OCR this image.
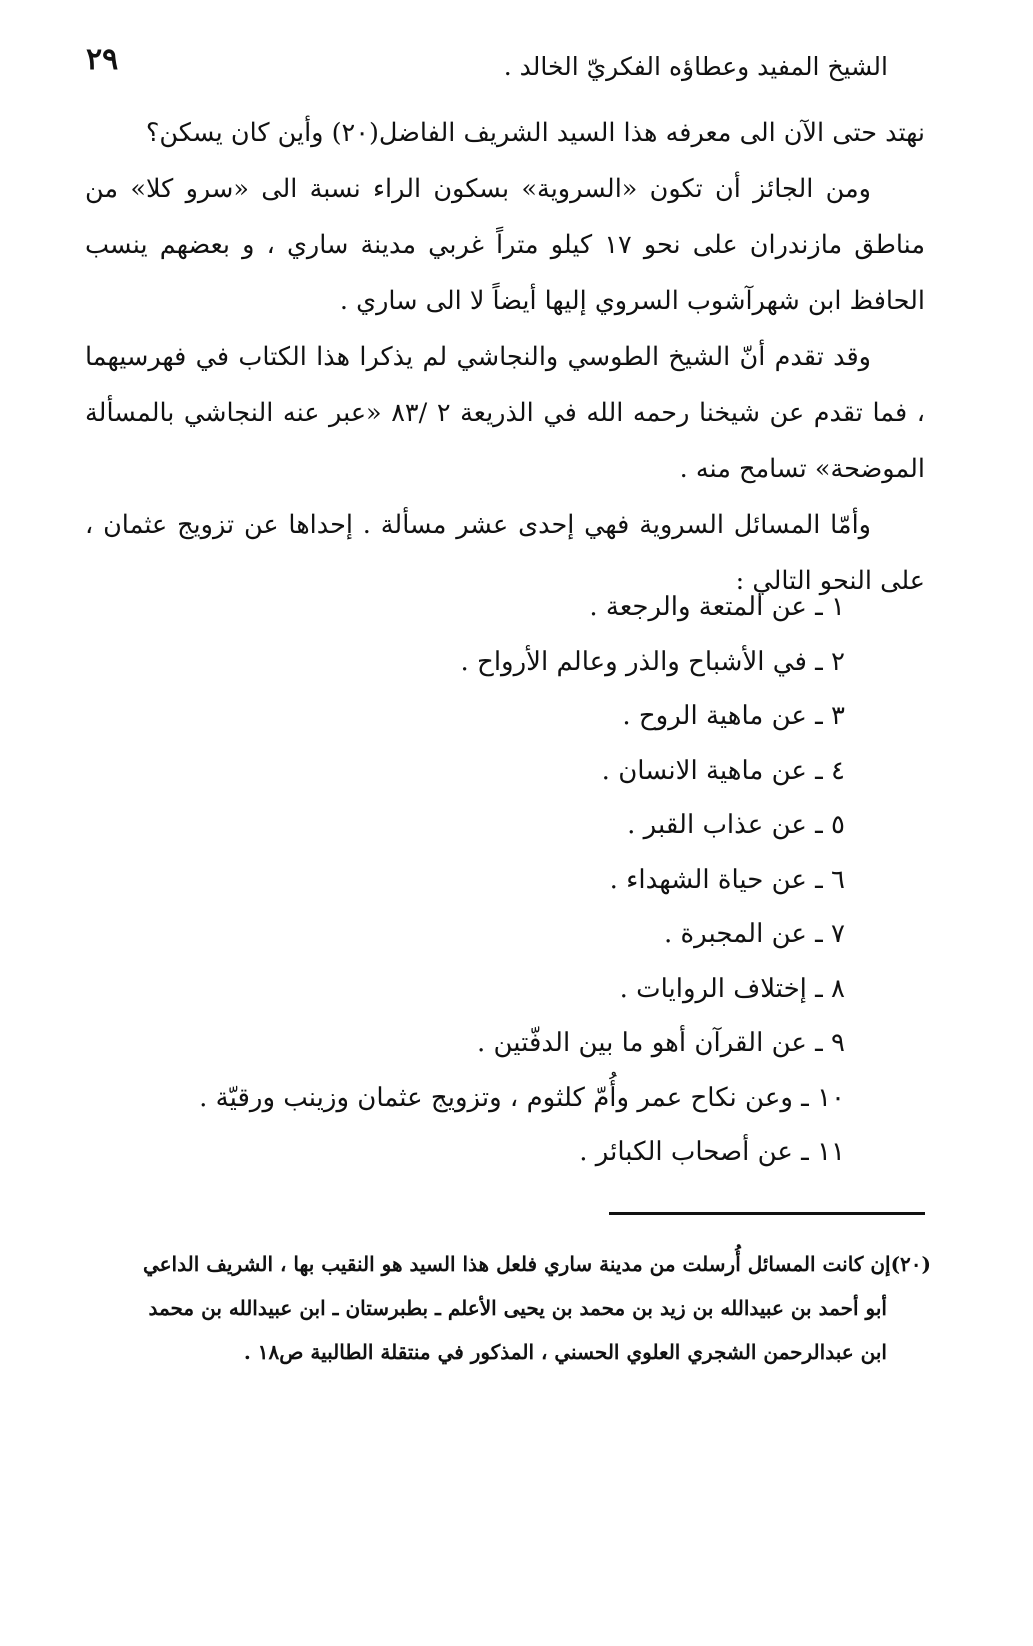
الشيخ المفيد وعطاؤه الفكريّ الخالد .
٢٩

نهتد حتى الآن الى معرفه هذا السيد الشريف الفاضل(٢٠) وأين كان يسكن؟

ومن الجائز أن تكون «السروية» بسكون الراء نسبة الى «سرو كلا» من مناطق مازندران على نحو ١٧ كيلو متراً غربي مدينة ساري ، و بعضهم ينسب الحافظ ابن شهرآشوب السروي إليها أيضاً لا الى ساري .

وقد تقدم أنّ الشيخ الطوسي والنجاشي لم يذكرا هذا الكتاب في فهرسيهما ، فما تقدم عن شيخنا رحمه الله في الذريعة ٢ /٨٣ «عبر عنه النجاشي بالمسألة الموضحة» تسامح منه .

وأمّا المسائل السروية فهي إحدى عشر مسألة . إحداها عن تزويج عثمان ، على النحو التالي :

١ ـ عن المتعة والرجعة .
٢ ـ في الأشباح والذر وعالم الأرواح .
٣ ـ عن ماهية الروح .
٤ ـ عن ماهية الانسان .
٥ ـ عن عذاب القبر .
٦ ـ عن حياة الشهداء .
٧ ـ عن المجبرة .
٨ ـ إختلاف الروايات .
٩ ـ عن القرآن أهو ما بين الدفّتين .
١٠ ـ وعن نكاح عمر وأُمّ كلثوم ، وتزويج عثمان وزينب ورقيّة .
١١ ـ عن أصحاب الكبائر .

(٢٠)إن كانت المسائل أُرسلت من مدينة ساري فلعل هذا السيد هو النقيب بها ، الشريف الداعي

أبو أحمد بن عبيدالله بن زيد بن محمد بن يحيى الأعلم ـ بطبرستان ـ ابن عبيدالله بن محمد

ابن عبدالرحمن الشجري العلوي الحسني ، المذكور في منتقلة الطالبية ص١٨ .
